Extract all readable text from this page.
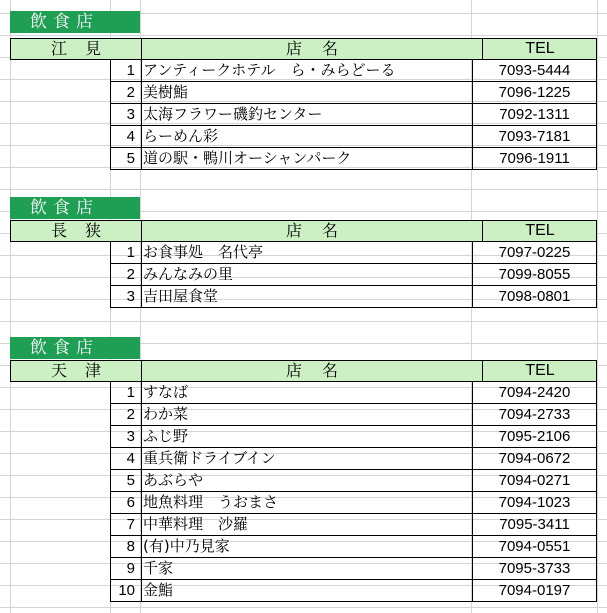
飲食店
江見	店名	TEL
1 アンティークホテル　ら・みらどーる	7093-5444
2 美樹鮨	7096-1225
3 太海フラワー磯釣センター	7092-1311
4 らーめん彩	7093-7181
5 道の駅・鴨川オーシャンパーク	7096-1911
飲食店
長狭	店名	TEL
1 お食事処　名代亭	7097-0225
2 みんなみの里	7099-8055
3 吉田屋食堂	7098-0801
飲食店
天津	店名	TEL
1 すなば	7094-2420
2 わか菜	7094-2733
3 ふじ野	7095-2106
4 重兵衛ドライブイン	7094-0672
5 あぶらや	7094-0271
6 地魚料理　うおまさ	7094-1023
7 中華料理　沙羅	7095-3411
8 (有)中乃見家	7094-0551
9 千家	7095-3733
10 金鮨	7094-0197
